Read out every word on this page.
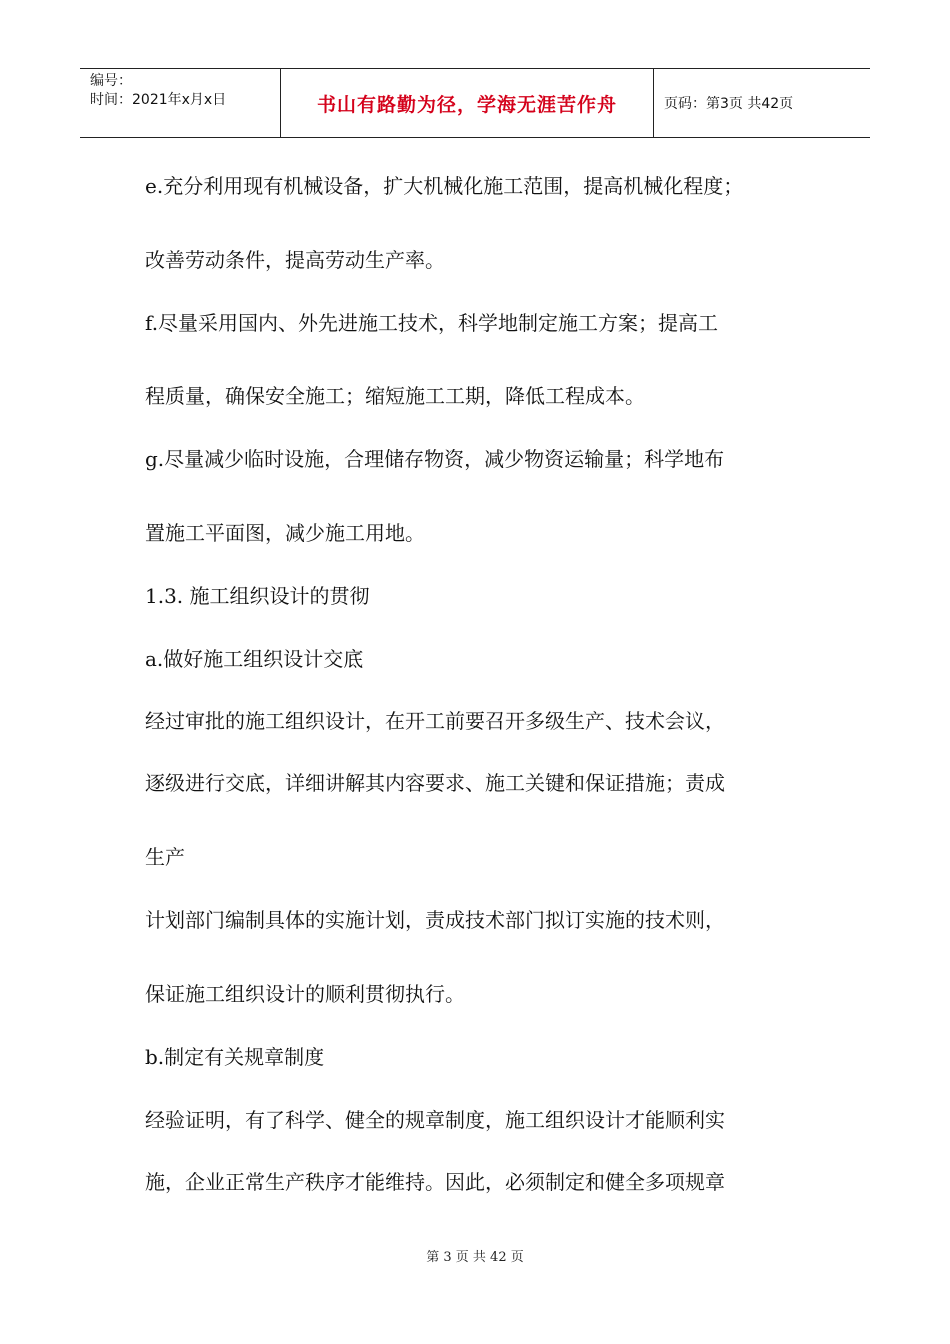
编号：
时间：2021年x月x日	书山有路勤为径，学海无涯苦作舟	页码：第3页 共42页
e.充分利用现有机械设备，扩大机械化施工范围，提高机械化程度；
改善劳动条件，提高劳动生产率。
f.尽量采用国内、外先进施工技术，科学地制定施工方案；提高工
程质量，确保安全施工；缩短施工工期，降低工程成本。
g.尽量减少临时设施，合理储存物资，减少物资运输量；科学地布
置施工平面图，减少施工用地。
1.3. 施工组织设计的贯彻
a.做好施工组织设计交底
经过审批的施工组织设计，在开工前要召开多级生产、技术会议，
逐级进行交底，详细讲解其内容要求、施工关键和保证措施；责成
生产
计划部门编制具体的实施计划，责成技术部门拟订实施的技术则，
保证施工组织设计的顺利贯彻执行。
b.制定有关规章制度
经验证明，有了科学、健全的规章制度，施工组织设计才能顺利实
施，企业正常生产秩序才能维持。因此，必须制定和健全多项规章
第 3 页 共 42 页
